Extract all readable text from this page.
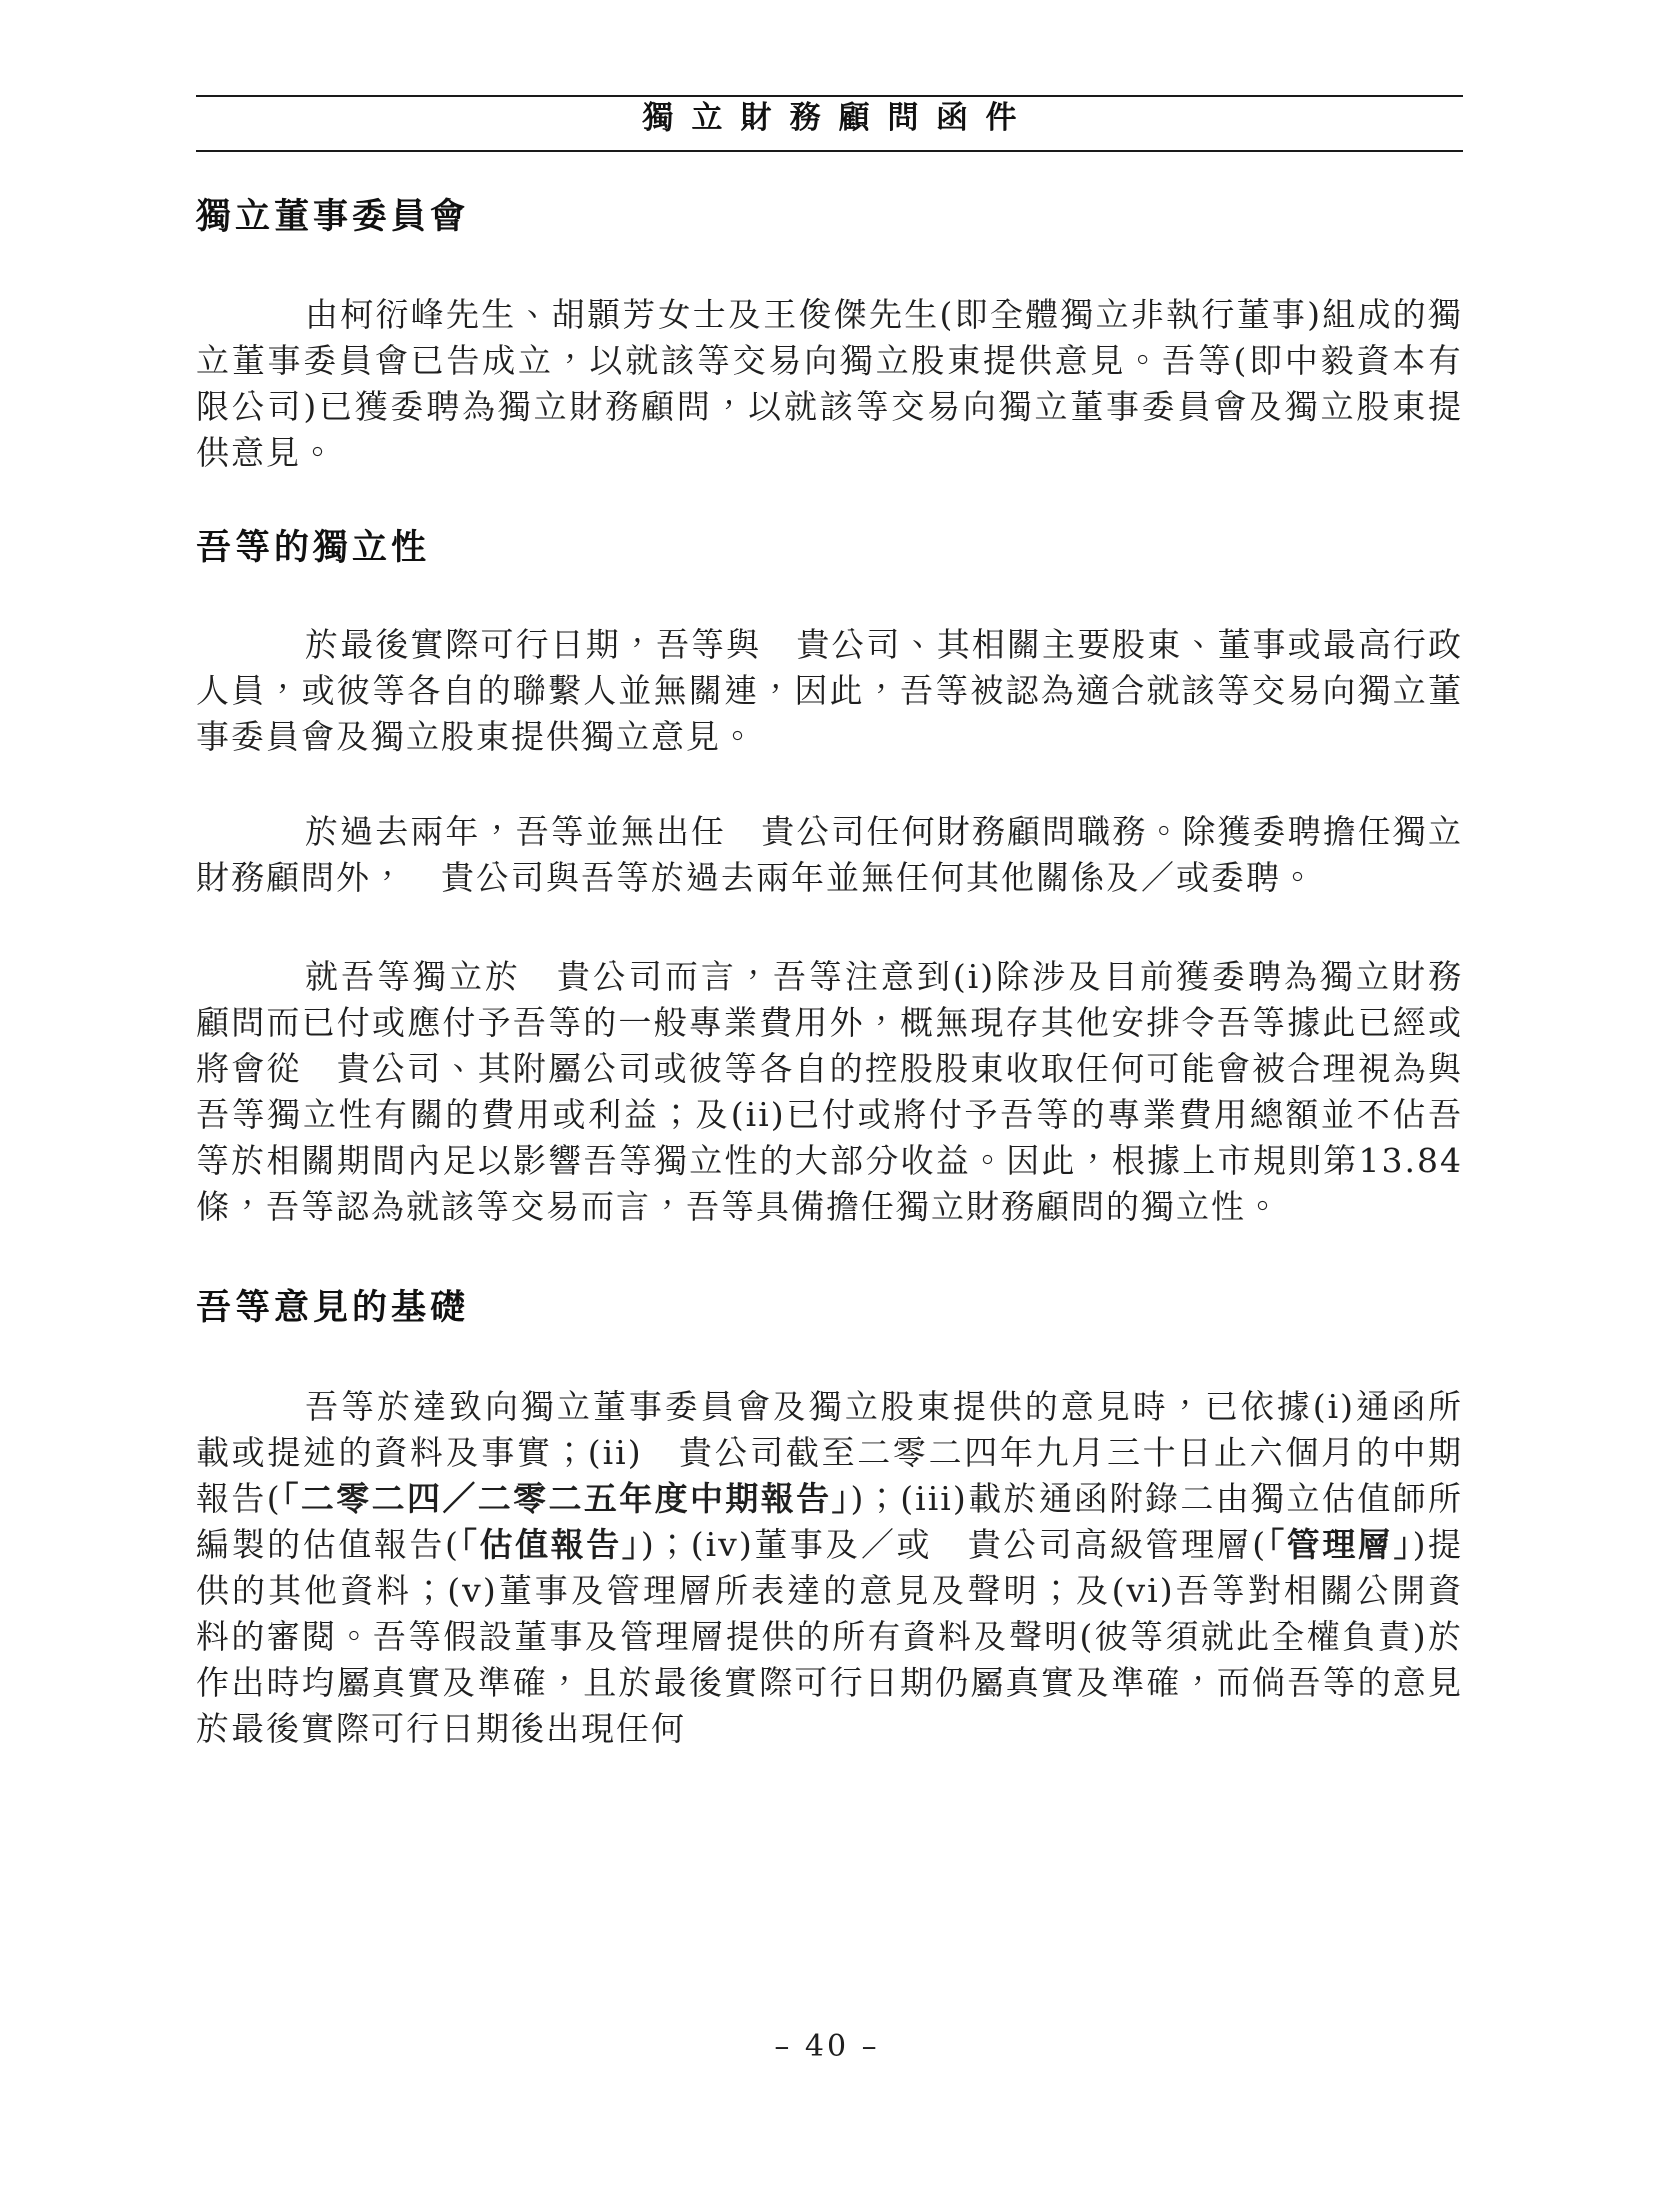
獨立財務顧問函件
獨立董事委員會

由柯衍峰先生、胡顥芳女士及王俊傑先生(即全體獨立非執行董事)組成的獨立董事委員會已告成立，以就該等交易向獨立股東提供意見。吾等(即中毅資本有限公司)已獲委聘為獨立財務顧問，以就該等交易向獨立董事委員會及獨立股東提供意見。

吾等的獨立性

於最後實際可行日期，吾等與　貴公司、其相關主要股東、董事或最高行政人員，或彼等各自的聯繫人並無關連，因此，吾等被認為適合就該等交易向獨立董事委員會及獨立股東提供獨立意見。

於過去兩年，吾等並無出任　貴公司任何財務顧問職務。除獲委聘擔任獨立財務顧問外，　貴公司與吾等於過去兩年並無任何其他關係及／或委聘。

就吾等獨立於　貴公司而言，吾等注意到(i)除涉及目前獲委聘為獨立財務顧問而已付或應付予吾等的一般專業費用外，概無現存其他安排令吾等據此已經或將會從　貴公司、其附屬公司或彼等各自的控股股東收取任何可能會被合理視為與吾等獨立性有關的費用或利益；及(ii)已付或將付予吾等的專業費用總額並不佔吾等於相關期間內足以影響吾等獨立性的大部分收益。因此，根據上市規則第13.84條，吾等認為就該等交易而言，吾等具備擔任獨立財務顧問的獨立性。

吾等意見的基礎

吾等於達致向獨立董事委員會及獨立股東提供的意見時，已依據(i)通函所載或提述的資料及事實；(ii)　貴公司截至二零二四年九月三十日止六個月的中期報告(「二零二四／二零二五年度中期報告」)；(iii)載於通函附錄二由獨立估值師所編製的估值報告(「估值報告」)；(iv)董事及／或　貴公司高級管理層(「管理層」)提供的其他資料；(v)董事及管理層所表達的意見及聲明；及(vi)吾等對相關公開資料的審閱。吾等假設董事及管理層提供的所有資料及聲明(彼等須就此全權負責)於作出時均屬真實及準確，且於最後實際可行日期仍屬真實及準確，而倘吾等的意見於最後實際可行日期後出現任何

– 40 –
